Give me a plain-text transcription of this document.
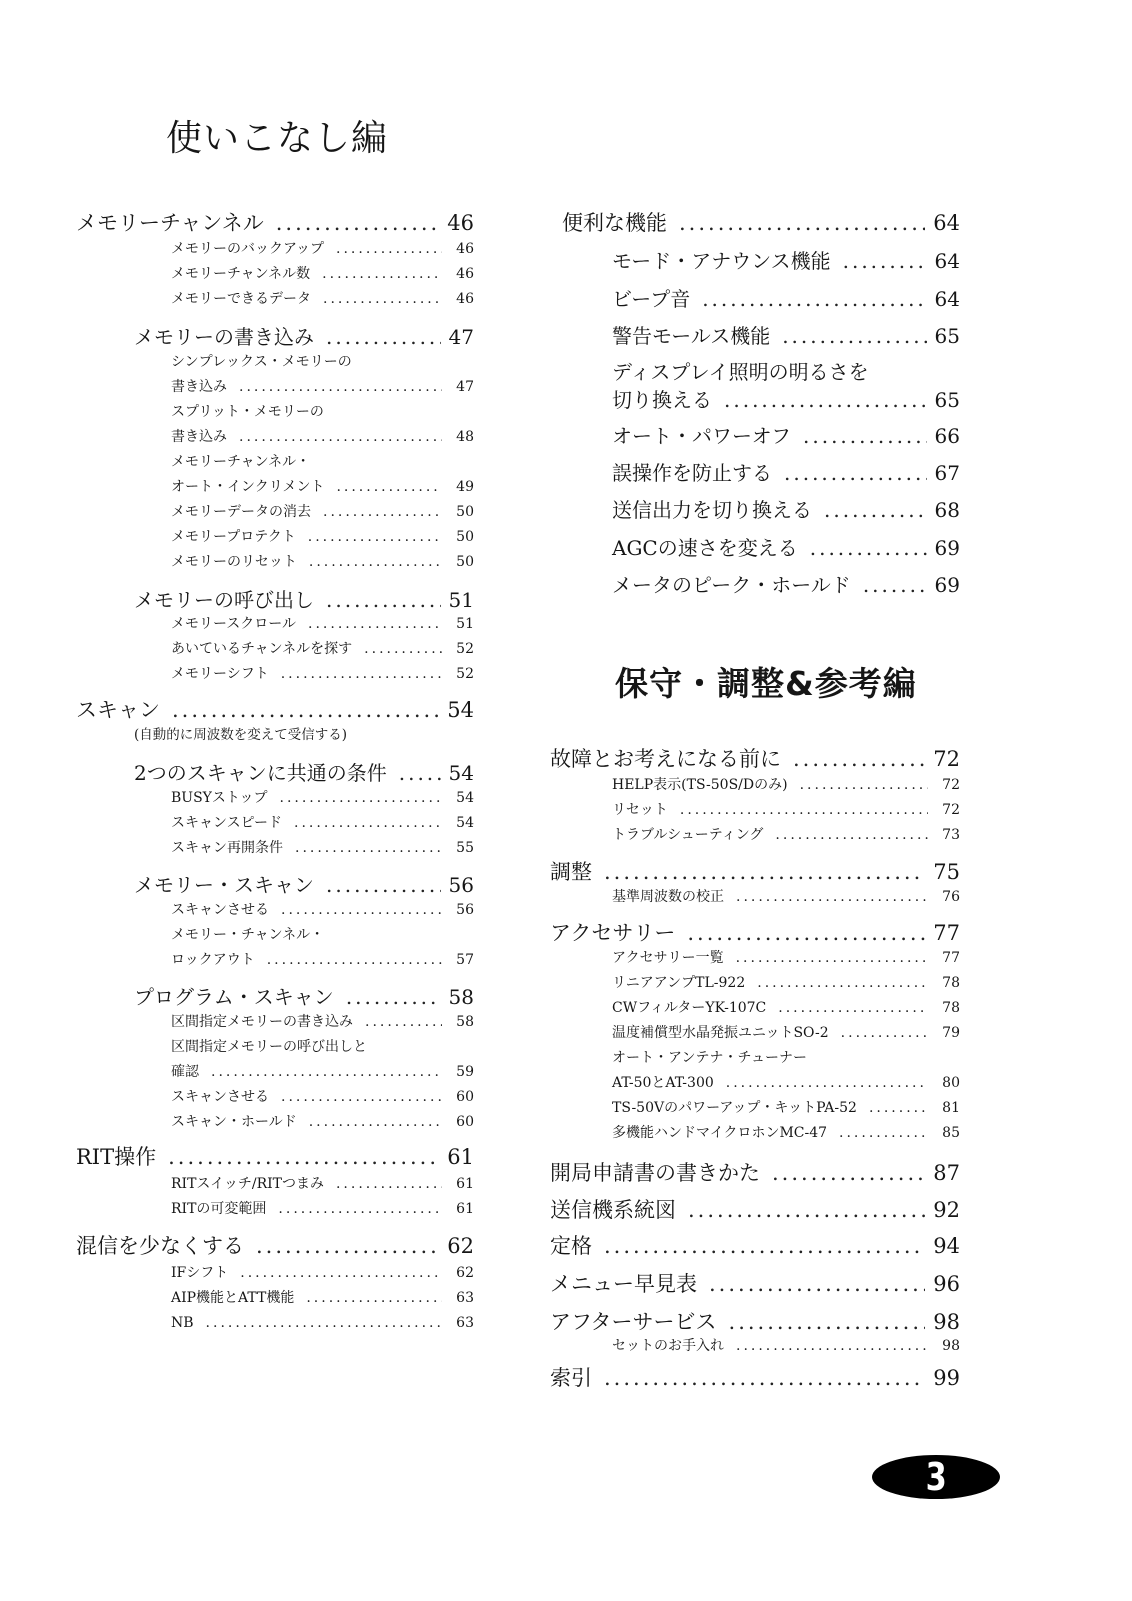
使いこなし編
保守・調整&参考編
メモリーチャンネル .....	46
メモリーのバックアップ .....	46
メモリーチャンネル数 .....	46
メモリーできるデータ .....	46
メモリーの書き込み .....	47
シンプレックス・メモリーの
書き込み .....	47
スプリット・メモリーの
書き込み .....	48
メモリーチャンネル・
オート・インクリメント .....	49
メモリーデータの消去 .....	50
メモリープロテクト .....	50
メモリーのリセット .....	50
メモリーの呼び出し .....	51
メモリースクロール .....	51
あいているチャンネルを探す .....	52
メモリーシフト .....	52
スキャン .....	54
(自動的に周波数を変えて受信する)
2つのスキャンに共通の条件 .....	54
BUSYストップ .....	54
スキャンスピード .....	54
スキャン再開条件 .....	55
メモリー・スキャン .....	56
スキャンさせる .....	56
メモリー・チャンネル・
ロックアウト .....	57
プログラム・スキャン .....	58
区間指定メモリーの書き込み .....	58
区間指定メモリーの呼び出しと
確認 .....	59
スキャンさせる .....	60
スキャン・ホールド .....	60
RIT操作 .....	61
RITスイッチ/RITつまみ .....	61
RITの可変範囲 .....	61
混信を少なくする .....	62
IFシフト .....	62
AIP機能とATT機能 .....	63
NB .....	63
便利な機能 .....	64
モード・アナウンス機能 .....	64
ビープ音 .....	64
警告モールス機能 .....	65
ディスプレイ照明の明るさを
切り換える .....	65
オート・パワーオフ .....	66
誤操作を防止する .....	67
送信出力を切り換える .....	68
AGCの速さを変える .....	69
メータのピーク・ホールド .....	69
故障とお考えになる前に .....	72
HELP表示(TS-50S/Dのみ) .....	72
リセット .....	72
トラブルシューティング .....	73
調整 .....	75
基準周波数の校正 .....	76
アクセサリー .....	77
アクセサリー一覧 .....	77
リニアアンプTL-922 .....	78
CWフィルターYK-107C .....	78
温度補償型水晶発振ユニットSO-2 .....	79
オート・アンテナ・チューナー
AT-50とAT-300 .....	80
TS-50Vのパワーアップ・キットPA-52 .....	81
多機能ハンドマイクロホンMC-47 .....	85
開局申請書の書きかた .....	87
送信機系統図 .....	92
定格 .....	94
メニュー早見表 .....	96
アフターサービス .....	98
セットのお手入れ .....	98
索引 .....	99
3
